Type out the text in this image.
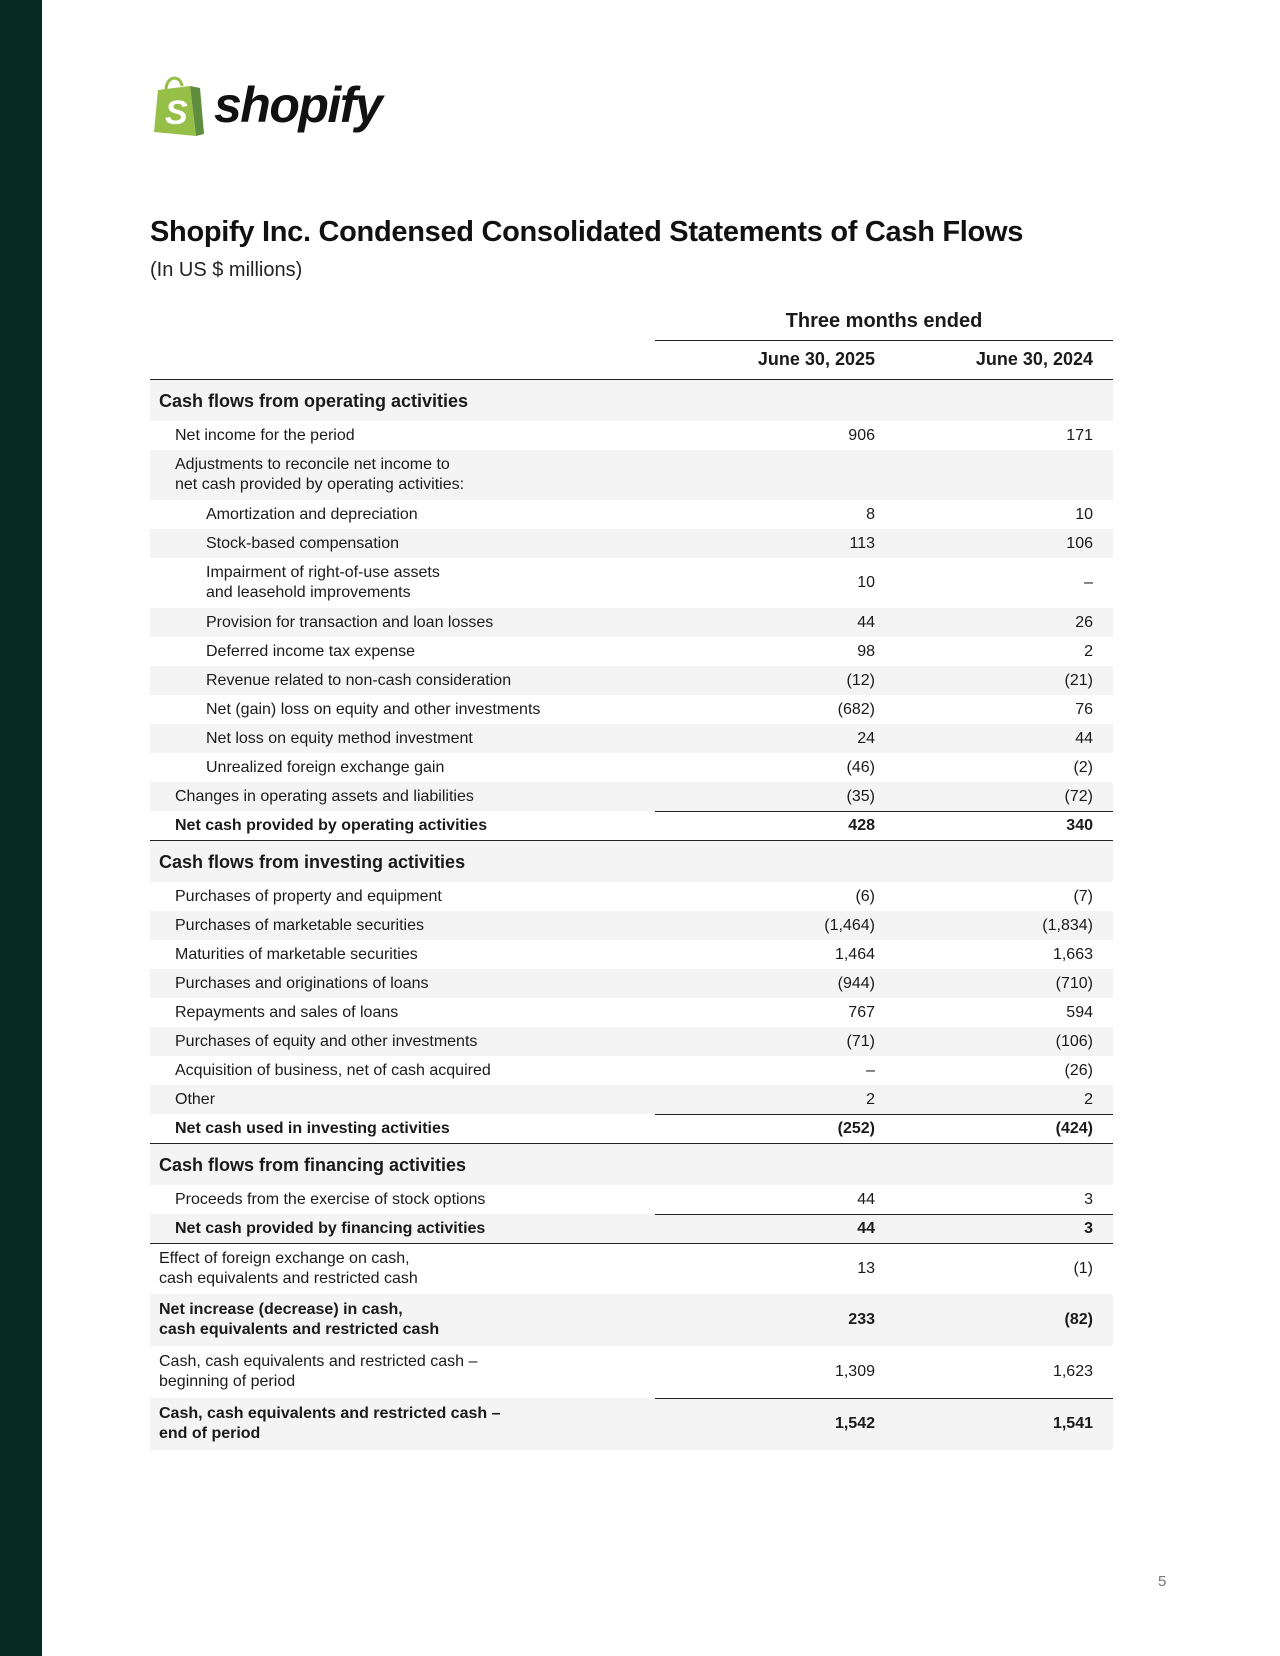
S shopify
Shopify Inc. Condensed Consolidated Statements of Cash Flows
(In US $ millions)
Three months ended
June 30, 2025	June 30, 2024
Cash flows from operating activities
Net income for the period	906	171
Adjustments to reconcile net income to
net cash provided by operating activities:
Amortization and depreciation	8	10
Stock-based compensation	113	106
Impairment of right-of-use assets
and leasehold improvements
10	–
Provision for transaction and loan losses	44	26
Deferred income tax expense	98	2
Revenue related to non-cash consideration	(12)	(21)
Net (gain) loss on equity and other investments	(682)	76
Net loss on equity method investment	24	44
Unrealized foreign exchange gain	(46)	(2)
Changes in operating assets and liabilities	(35)	(72)
Net cash provided by operating activities	428	340
Cash flows from investing activities
Purchases of property and equipment	(6)	(7)
Purchases of marketable securities	(1,464)	(1,834)
Maturities of marketable securities	1,464	1,663
Purchases and originations of loans	(944)	(710)
Repayments and sales of loans	767	594
Purchases of equity and other investments	(71)	(106)
Acquisition of business, net of cash acquired	–	(26)
Other	2	2
Net cash used in investing activities	(252)	(424)
Cash flows from financing activities
Proceeds from the exercise of stock options	44	3
Net cash provided by financing activities	44	3
Effect of foreign exchange on cash,
cash equivalents and restricted cash
13	(1)
Net increase (decrease) in cash,
cash equivalents and restricted cash
233	(82)
Cash, cash equivalents and restricted cash –
beginning of period
1,309	1,623
Cash, cash equivalents and restricted cash –
end of period
1,542	1,541
5
